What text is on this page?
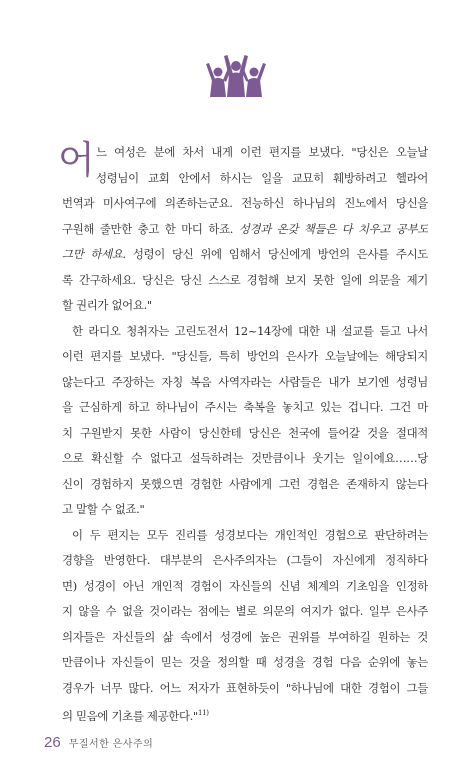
어 느 여성은 분에 차서 내게 이런 편지를 보냈다. "당신은 오늘날
성령님이 교회 안에서 하시는 일을 교묘히 훼방하려고 헬라어
번역과 미사여구에 의존하는군요. 전능하신 하나님의 진노에서 당신을
구원해 줄만한 충고 한 마디 하죠. 성경과 온갖 책들은 다 치우고 공부도
그만 하세요. 성령이 당신 위에 임해서 당신에게 방언의 은사를 주시도
록 간구하세요. 당신은 당신 스스로 경험해 보지 못한 일에 의문을 제기
할 권리가 없어요."
한 라디오 청취자는 고린도전서 12~14장에 대한 내 설교를 듣고 나서
이런 편지를 보냈다. "당신들, 특히 방언의 은사가 오늘날에는 해당되지
않는다고 주장하는 자칭 복음 사역자라는 사람들은 내가 보기엔 성령님
을 근심하게 하고 하나님이 주시는 축복을 놓치고 있는 겁니다. 그건 마
치 구원받지 못한 사람이 당신한테 당신은 천국에 들어갈 것을 절대적
으로 확신할 수 없다고 설득하려는 것만큼이나 웃기는 일이에요……당
신이 경험하지 못했으면 경험한 사람에게 그런 경험은 존재하지 않는다
고 말할 수 없죠."
이 두 편지는 모두 진리를 성경보다는 개인적인 경험으로 판단하려는
경향을 반영한다. 대부분의 은사주의자는 (그들이 자신에게 정직하다
면) 성경이 아닌 개인적 경험이 자신들의 신념 체계의 기초임을 인정하
지 않을 수 없을 것이라는 점에는 별로 의문의 여지가 없다. 일부 은사주
의자들은 자신들의 삶 속에서 성경에 높은 권위를 부여하길 원하는 것
만큼이나 자신들이 믿는 것을 정의할 때 성경을 경험 다음 순위에 놓는
경우가 너무 많다. 어느 저자가 표현하듯이 "하나님에 대한 경험이 그들
의 믿음에 기초를 제공한다."$^{11)}$
26 무질서한 은사주의
